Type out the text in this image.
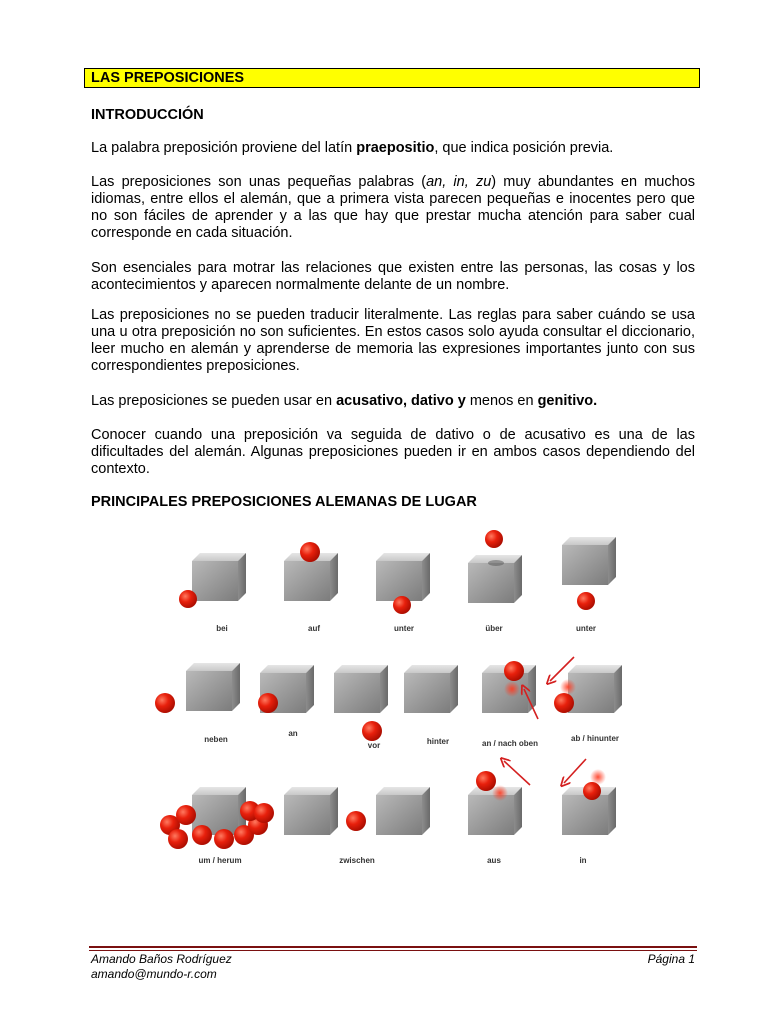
LAS PREPOSICIONES
INTRODUCCIÓN

La palabra preposición proviene del latín praepositio, que indica posición previa.

Las preposiciones son unas pequeñas palabras (an, in, zu) muy abundantes en muchos idiomas, entre ellos el alemán, que a primera vista parecen pequeñas e inocentes pero que no son fáciles de aprender y a las que hay que prestar mucha atención para saber cual corresponde en cada situación.

Son esenciales para motrar las relaciones que existen entre las personas, las cosas y los acontecimientos y aparecen normalmente delante de un nombre.

Las preposiciones no se pueden traducir literalmente. Las reglas para saber cuándo se usa una u otra preposición no son suficientes. En estos casos solo ayuda consultar el diccionario, leer mucho en alemán y aprenderse de memoria las expresiones importantes junto con sus correspondientes preposiciones.

Las preposiciones se pueden usar en acusativo, dativo y menos en genitivo.

Conocer cuando una preposición va seguida de dativo o de acusativo es una de las dificultades del alemán. Algunas preposiciones pueden ir en ambos casos dependiendo del contexto.

PRINCIPALES PREPOSICIONES ALEMANAS DE LUGAR
bei	auf	unter	über	unter
neben
an
vor	hinter	an / nach oben
ab / hinunter
um / herum	zwischen	aus	in
Amando Baños Rodríguez
amando@mundo-r.com
Página 1
